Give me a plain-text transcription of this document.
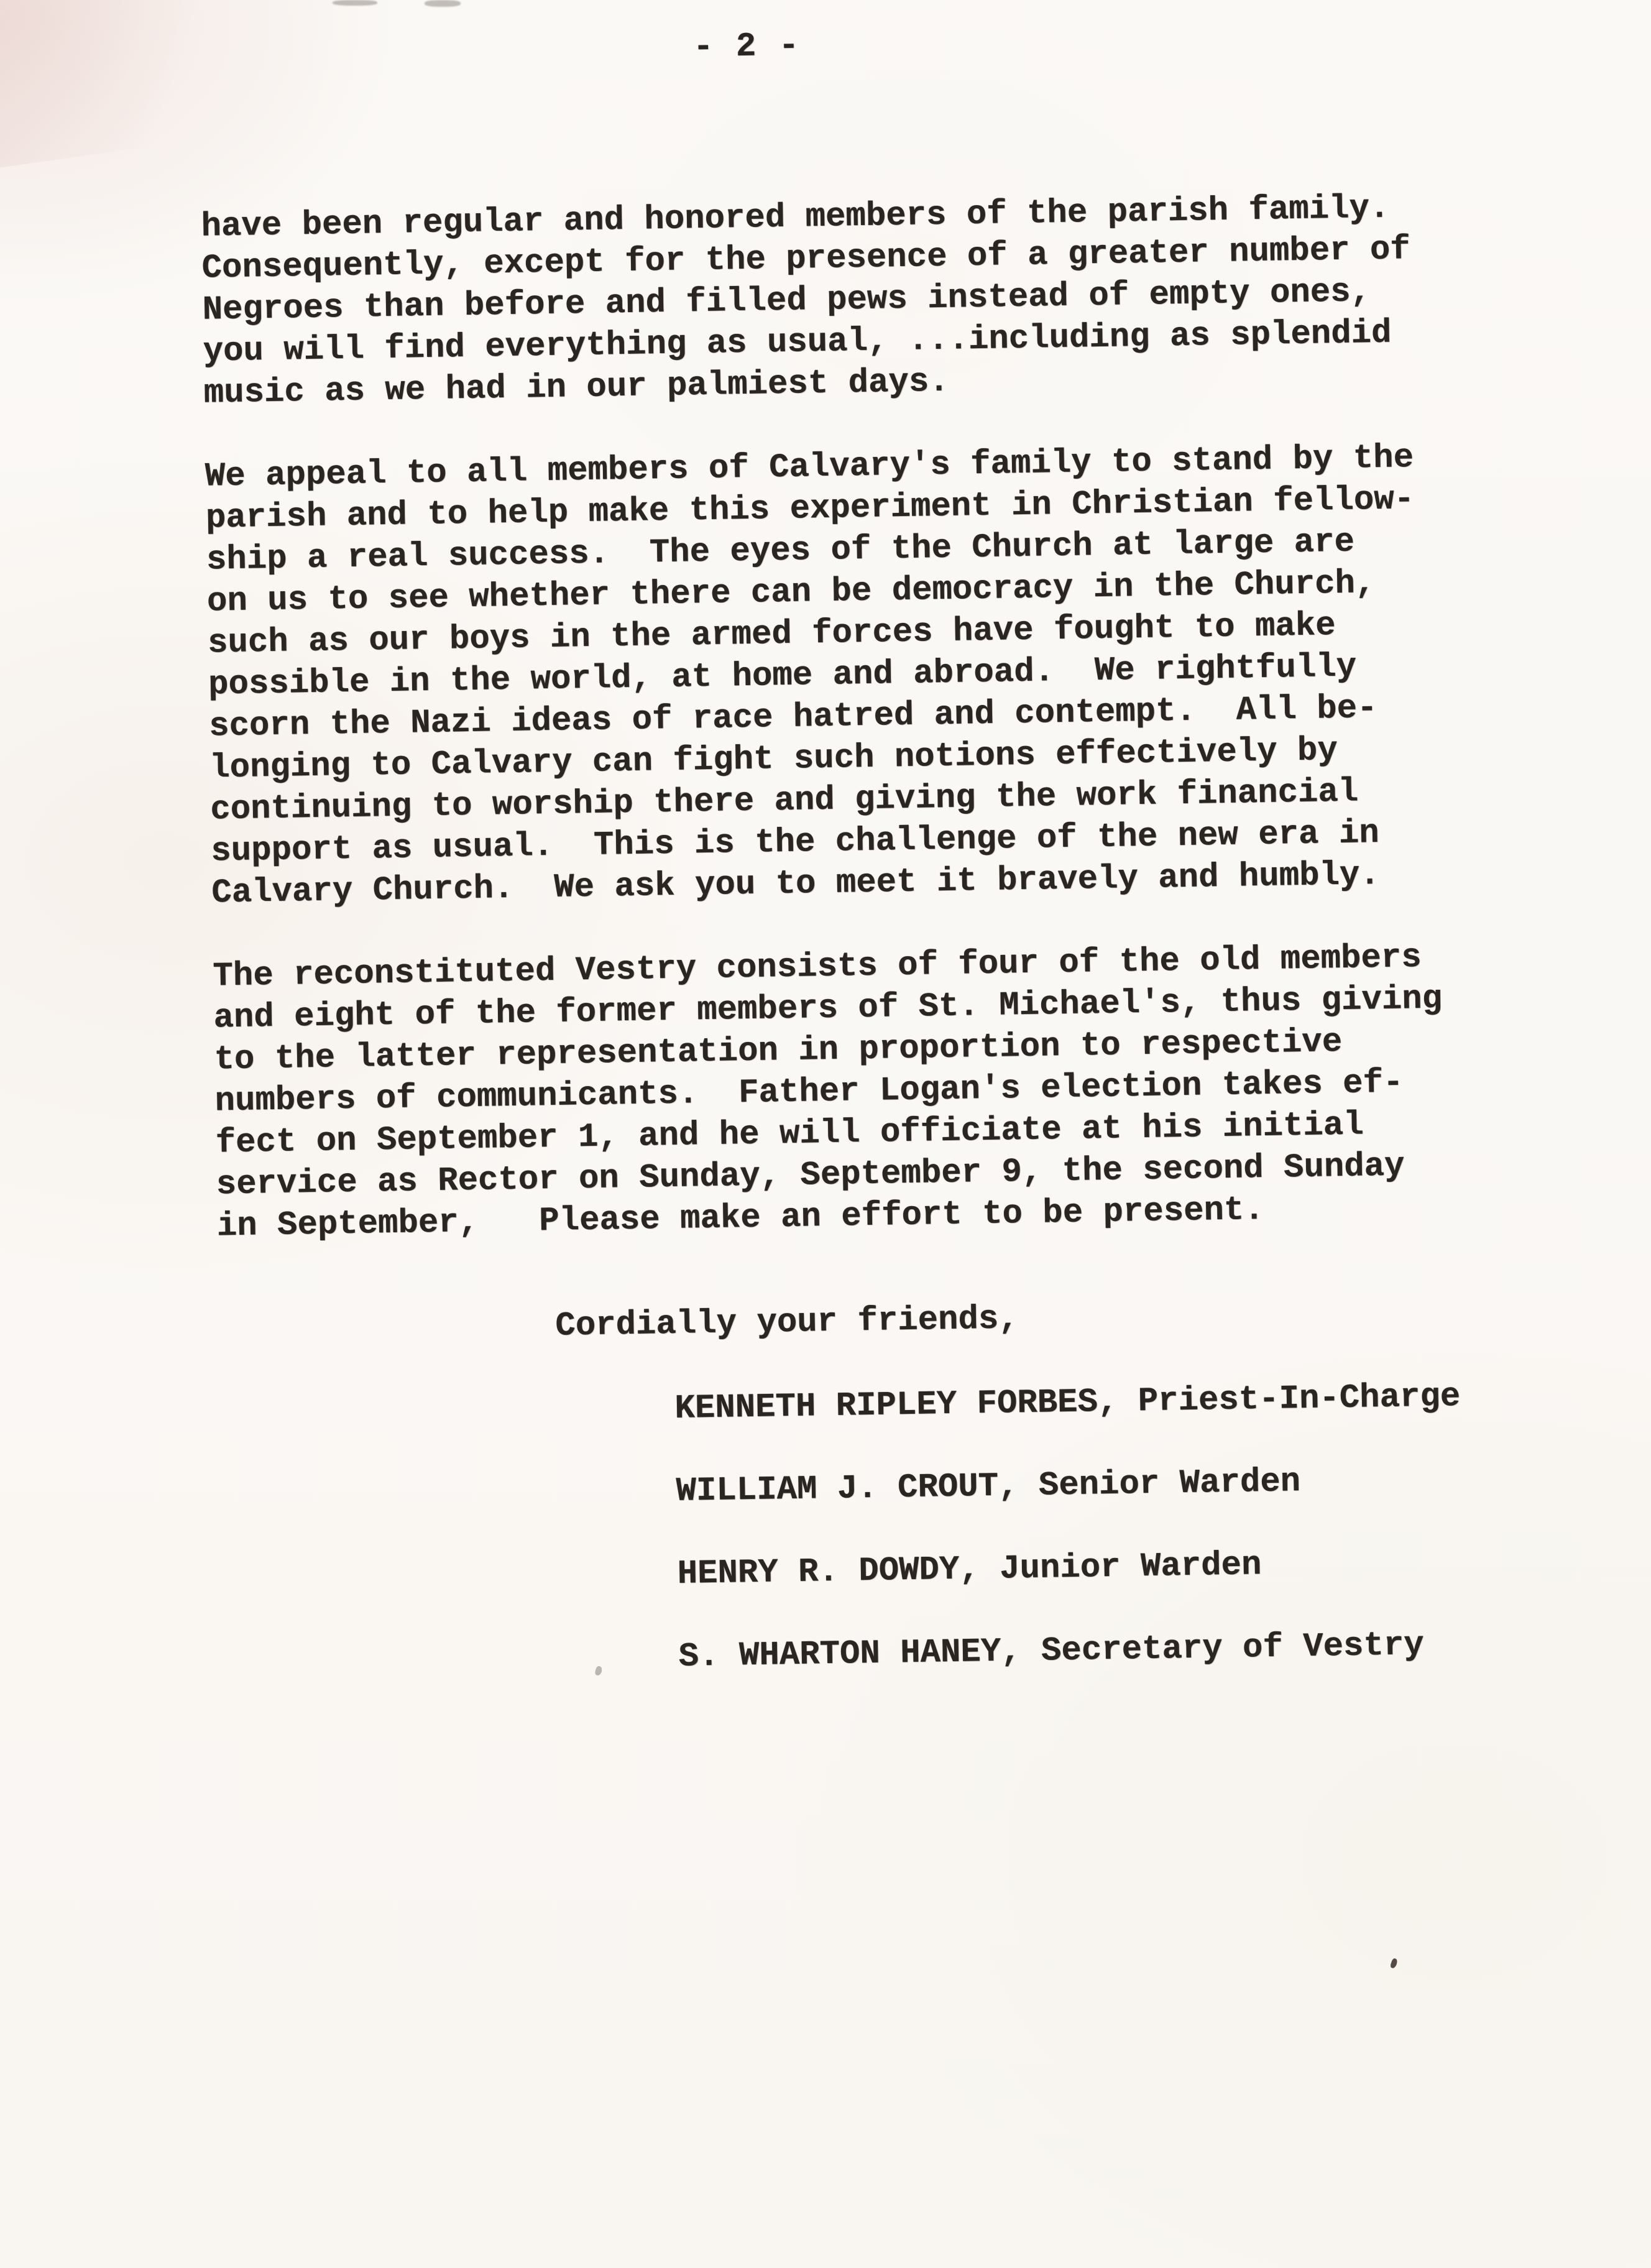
- 2 -
have been regular and honored members of the parish family.
Consequently, except for the presence of a greater number of
Negroes than before and filled pews instead of empty ones,
you will find everything as usual, ...including as splendid
music as we had in our palmiest days.
We appeal to all members of Calvary's family to stand by the
parish and to help make this experiment in Christian fellow-
ship a real success.  The eyes of the Church at large are
on us to see whether there can be democracy in the Church,
such as our boys in the armed forces have fought to make
possible in the world, at home and abroad.  We rightfully
scorn the Nazi ideas of race hatred and contempt.  All be-
longing to Calvary can fight such notions effectively by
continuing to worship there and giving the work financial
support as usual.  This is the challenge of the new era in
Calvary Church.  We ask you to meet it bravely and humbly.
The reconstituted Vestry consists of four of the old members
and eight of the former members of St. Michael's, thus giving
to the latter representation in proportion to respective
numbers of communicants.  Father Logan's election takes ef-
fect on September 1, and he will officiate at his initial
service as Rector on Sunday, September 9, the second Sunday
in September,   Please make an effort to be present.
Cordially your friends,
KENNETH RIPLEY FORBES, Priest-In-Charge
WILLIAM J. CROUT, Senior Warden
HENRY R. DOWDY, Junior Warden
S. WHARTON HANEY, Secretary of Vestry
